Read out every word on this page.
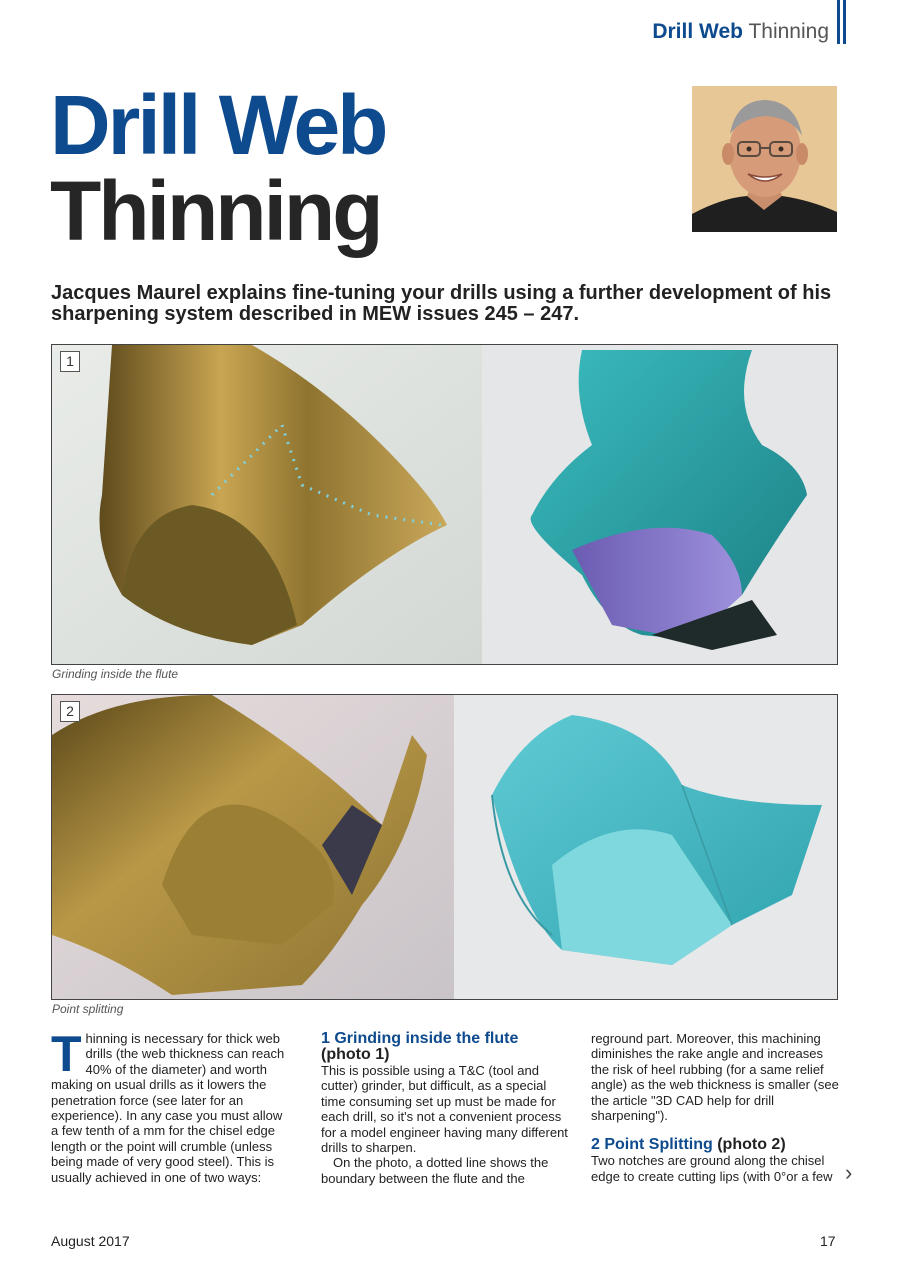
Drill Web Thinning
Drill Web
Thinning
Jacques Maurel explains fine-tuning your drills using a further development of his sharpening system described in MEW issues 245 – 247.
1
Grinding inside the flute
2
Point splitting

Thinning is necessary for thick web drills (the web thickness can reach 40% of the diameter) and worth making on usual drills as it lowers the penetration force (see later for an experience). In any case you must allow a few tenth of a mm for the chisel edge length or the point will crumble (unless being made of very good steel). This is usually achieved in one of two ways:

1 Grinding inside the flute
(photo 1)

This is possible using a T&C (tool and cutter) grinder, but difficult, as a special time consuming set up must be made for each drill, so it's not a convenient process for a model engineer having many different drills to sharpen.

On the photo, a dotted line shows the boundary between the flute and the

reground part. Moreover, this machining diminishes the rake angle and increases the risk of heel rubbing (for a same relief angle) as the web thickness is smaller (see the article "3D CAD help for drill sharpening").

2 Point Splitting (photo 2)

Two notches are ground along the chisel edge to create cutting lips (with 0°or a few ›
August 2017	17
